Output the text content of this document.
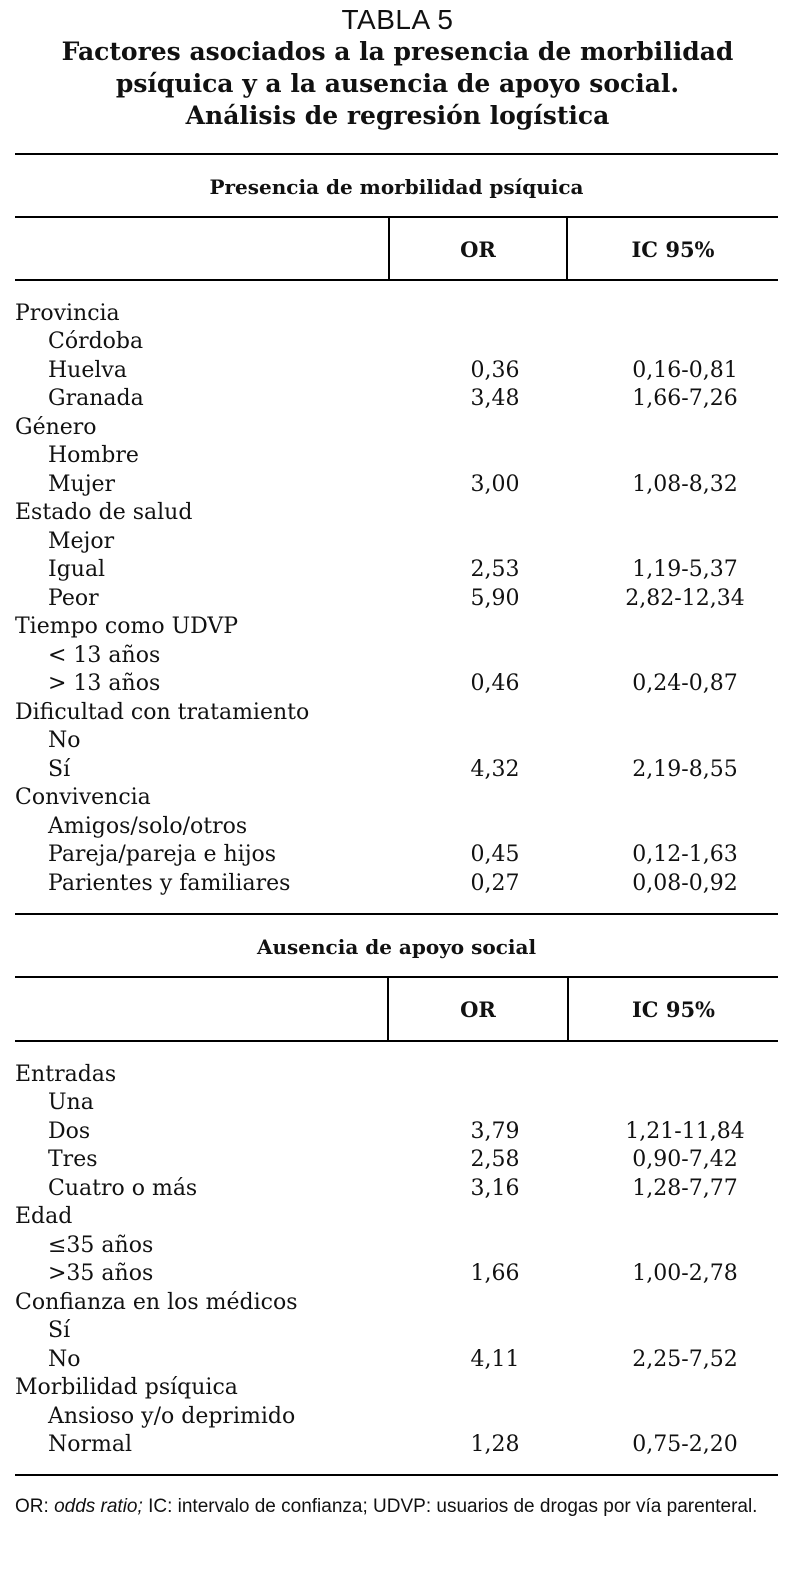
TABLA 5
Factores asociados a la presencia de morbilidad
psíquica y a la ausencia de apoyo social.
Análisis de regresión logística
Presencia de morbilidad psíquica
OR	IC 95%
Provincia
Córdoba
Huelva	0,36	0,16-0,81
Granada	3,48	1,66-7,26
Género
Hombre
Mujer	3,00	1,08-8,32
Estado de salud
Mejor
Igual	2,53	1,19-5,37
Peor	5,90	2,82-12,34
Tiempo como UDVP
< 13 años
> 13 años	0,46	0,24-0,87
Dificultad con tratamiento
No
Sí	4,32	2,19-8,55
Convivencia
Amigos/solo/otros
Pareja/pareja e hijos	0,45	0,12-1,63
Parientes y familiares	0,27	0,08-0,92
Ausencia de apoyo social
OR	IC 95%
Entradas
Una
Dos	3,79	1,21-11,84
Tres	2,58	0,90-7,42
Cuatro o más	3,16	1,28-7,77
Edad
≤35 años
>35 años	1,66	1,00-2,78
Confianza en los médicos
Sí
No	4,11	2,25-7,52
Morbilidad psíquica
Ansioso y/o deprimido
Normal	1,28	0,75-2,20
OR: odds ratio; IC: intervalo de confianza; UDVP: usuarios de drogas por vía parenteral.
